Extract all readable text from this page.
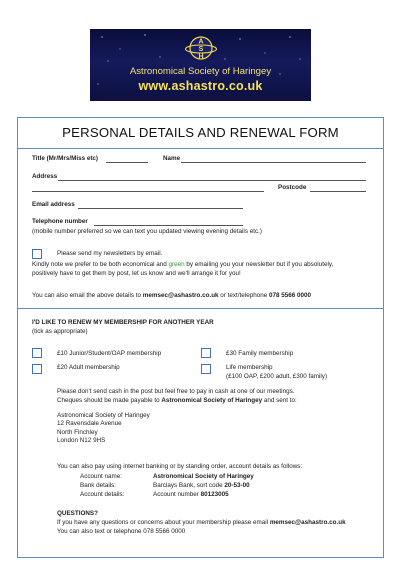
A
S
H
Astronomical Society of Haringey
www.ashastro.co.uk
PERSONAL DETAILS AND RENEWAL FORM
Title (Mr/Mrs/Miss etc)	Name
Address
Postcode
Email address
Telephone number
(mobile number preferred so we can text you updated viewing evening details etc.)
Please send my newsletters by email.
Kindly note we prefer to be both economical and green by emailing you your newsletter but if you absolutely,
positively have to get them by post, let us know and we'll arrange it for you!
You can also email the above details to memsec@ashastro.co.uk or text/telephone 078 5566 0000
I'D LIKE TO RENEW MY MEMBERSHIP FOR ANOTHER YEAR
(tick as appropriate)
£10 Junior/Student/OAP membership	£30 Family membership
£20 Adult membership	Life membership
(£100 OAP, £200 adult, £300 family)
Please don't send cash in the post but feel free to pay in cash at one of our meetings.
Cheques should be made payable to Astronomical Society of Haringey and sent to:
Astronomical Society of Haringey
12 Ravensdale Avenue
North Finchley
London N12 9HS
You can also pay using internet banking or by standing order, account details as follows:
Account name:	Astronomical Society of Haringey
Bank details:	Barclays Bank, sort code 20-53-00
Account details:	Account number 80123005
QUESTIONS?
If you have any questions or concerns about your membership please email memsec@ashastro.co.uk
You can also text or telephone 078 5566 0000
